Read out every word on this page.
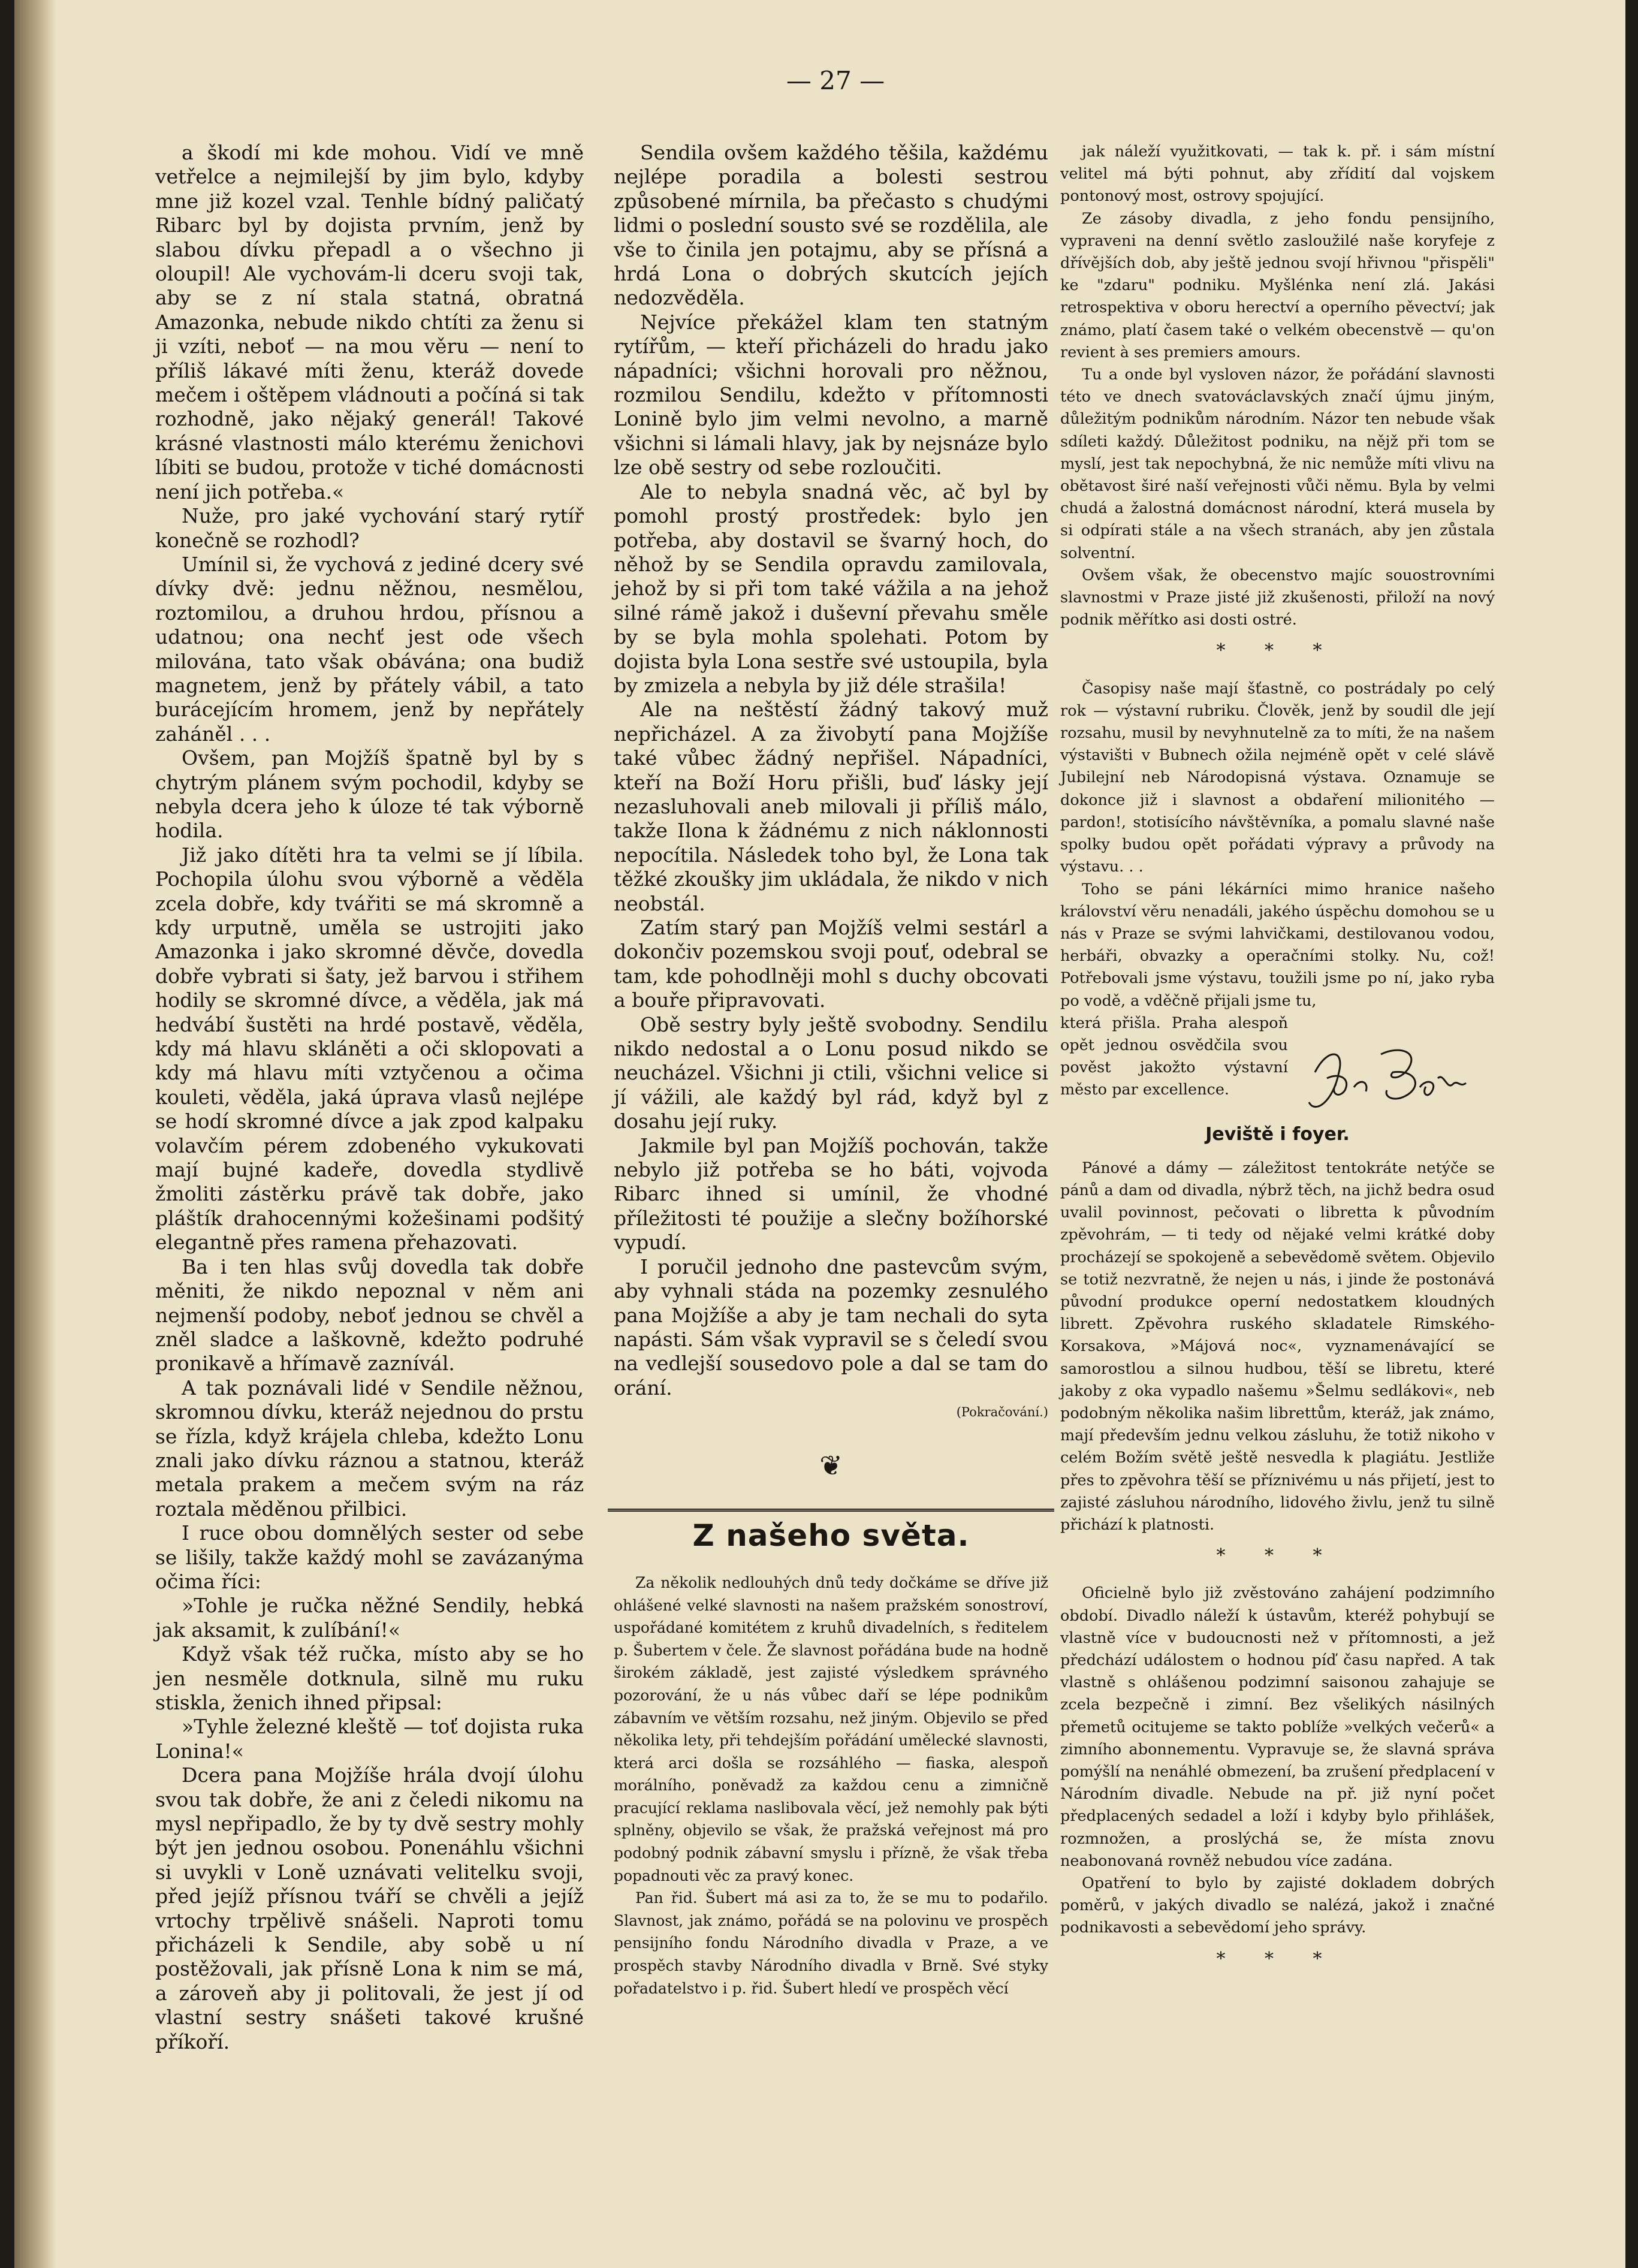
— 27 —

a škodí mi kde mohou. Vidí ve mně vetřelce a nejmilejší by jim bylo, kdyby mne již kozel vzal. Tenhle bídný paličatý Ribarc byl by dojista prvním, jenž by slabou dívku přepadl a o všechno ji oloupil! Ale vychovám-li dceru svoji tak, aby se z ní stala statná, obratná Amazonka, nebude nikdo chtíti za ženu si ji vzíti, neboť — na mou věru — není to příliš lákavé míti ženu, kteráž dovede mečem i oštěpem vládnouti a počíná si tak rozhodně, jako nějaký generál! Takové krásné vlastnosti málo kterému ženichovi líbiti se budou, protože v tiché domácnosti není jich potřeba.«

Nuže, pro jaké vychování starý rytíř konečně se rozhodl?

Umínil si, že vychová z jediné dcery své dívky dvě: jednu něžnou, nesmělou, roztomilou, a druhou hrdou, přísnou a udatnou; ona nechť jest ode všech milována, tato však obávána; ona budiž magnetem, jenž by přátely vábil, a tato burácejícím hromem, jenž by nepřátely zaháněl . . .

Ovšem, pan Mojžíš špatně byl by s chytrým plánem svým pochodil, kdyby se nebyla dcera jeho k úloze té tak výborně hodila.

Již jako dítěti hra ta velmi se jí líbila. Pochopila úlohu svou výborně a věděla zcela dobře, kdy tvářiti se má skromně a kdy urputně, uměla se ustrojiti jako Amazonka i jako skromné děvče, dovedla dobře vybrati si šaty, jež barvou i střihem hodily se skromné dívce, a věděla, jak má hedvábí šustěti na hrdé postavě, věděla, kdy má hlavu skláněti a oči sklopovati a kdy má hlavu míti vztyčenou a očima kouleti, věděla, jaká úprava vlasů nejlépe se hodí skromné dívce a jak zpod kalpaku volavčím pérem zdobeného vykukovati mají bujné kadeře, dovedla stydlivě žmoliti zástěrku právě tak dobře, jako pláštík drahocennými kožešinami podšitý elegantně přes ramena přehazovati.

Ba i ten hlas svůj dovedla tak dobře měniti, že nikdo nepoznal v něm ani nejmenší podoby, neboť jednou se chvěl a zněl sladce a laškovně, kdežto podruhé pronikavě a hřímavě zaznívál.

A tak poznávali lidé v Sendile něžnou, skromnou dívku, kteráž nejednou do prstu se řízla, když krájela chleba, kdežto Lonu znali jako dívku ráznou a statnou, kteráž metala prakem a mečem svým na ráz roztala měděnou přilbici.

I ruce obou domnělých sester od sebe se lišily, takže každý mohl se zavázanýma očima říci:

»Tohle je ručka něžné Sendily, hebká jak aksamit, k zulíbání!«

Když však též ručka, místo aby se ho jen nesměle dotknula, silně mu ruku stiskla, ženich ihned připsal:

»Tyhle železné kleště — toť dojista ruka Lonina!«

Dcera pana Mojžíše hrála dvojí úlohu svou tak dobře, že ani z čeledi nikomu na mysl nepřipadlo, že by ty dvě sestry mohly být jen jednou osobou. Ponenáhlu všichni si uvykli v Loně uznávati velitelku svoji, před jejíž přísnou tváří se chvěli a jejíž vrtochy trpělivě snášeli. Naproti tomu přicházeli k Sendile, aby sobě u ní postěžovali, jak přísně Lona k nim se má, a zároveň aby ji politovali, že jest jí od vlastní sestry snášeti takové krušné příkoří.

Sendila ovšem každého těšila, každému nejlépe poradila a bolesti sestrou způsobené mírnila, ba přečasto s chudými lidmi o poslední sousto své se rozdělila, ale vše to činila jen potajmu, aby se přísná a hrdá Lona o dobrých skutcích jejích nedozvěděla.

Nejvíce překážel klam ten statným rytířům, — kteří přicházeli do hradu jako nápadníci; všichni horovali pro něžnou, rozmilou Sendilu, kdežto v přítomnosti Lonině bylo jim velmi nevolno, a marně všichni si lámali hlavy, jak by nejsnáze bylo lze obě sestry od sebe rozloučiti.

Ale to nebyla snadná věc, ač byl by pomohl prostý prostředek: bylo jen potřeba, aby dostavil se švarný hoch, do něhož by se Sendila opravdu zamilovala, jehož by si při tom také vážila a na jehož silné rámě jakož i duševní převahu směle by se byla mohla spolehati. Potom by dojista byla Lona sestře své ustoupila, byla by zmizela a nebyla by již déle strašila!

Ale na neštěstí žádný takový muž nepřicházel. A za živobytí pana Mojžíše také vůbec žádný nepřišel. Nápadníci, kteří na Boží Horu přišli, buď lásky její nezasluhovali aneb milovali ji příliš málo, takže Ilona k žádnému z nich náklonnosti nepocítila. Následek toho byl, že Lona tak těžké zkoušky jim ukládala, že nikdo v nich neobstál.

Zatím starý pan Mojžíš velmi sestárl a dokončiv pozemskou svoji pouť, odebral se tam, kde pohodlněji mohl s duchy obcovati a bouře připravovati.

Obě sestry byly ještě svobodny. Sendilu nikdo nedostal a o Lonu posud nikdo se neucházel. Všichni ji ctili, všichni velice si jí vážili, ale každý byl rád, když byl z dosahu její ruky.

Jakmile byl pan Mojžíš pochován, takže nebylo již potřeba se ho báti, vojvoda Ribarc ihned si umínil, že vhodné příležitosti té použije a slečny božíhorské vypudí.

I poručil jednoho dne pastevcům svým, aby vyhnali stáda na pozemky zesnulého pana Mojžíše a aby je tam nechali do syta napásti. Sám však vypravil se s čeledí svou na vedlejší sousedovo pole a dal se tam do orání.

(Pokračování.)

❦
Z našeho světa.

Za několik nedlouhých dnů tedy dočkáme se dříve již ohlášené velké slavnosti na našem pražském sonostroví, uspořádané komitétem z kruhů divadelních, s ředitelem p. Šubertem v čele. Že slavnost pořádána bude na hodně širokém základě, jest zajisté výsledkem správného pozorování, že u nás vůbec daří se lépe podnikům zábavním ve větším rozsahu, než jiným. Objevilo se před několika lety, při tehdejším pořádání umělecké slavnosti, která arci došla se rozsáhlého — fiaska, alespoň morálního, poněvadž za každou cenu a zimničně pracující reklama naslibovala věcí, jež nemohly pak býti splněny, objevilo se však, že pražská veřejnost má pro podobný podnik zábavní smyslu i přízně, že však třeba popadnouti věc za pravý konec.

Pan řid. Šubert má asi za to, že se mu to podařilo. Slavnost, jak známo, pořádá se na polovinu ve prospěch pensijního fondu Národního divadla v Praze, a ve prospěch stavby Národního divadla v Brně. Své styky pořadatelstvo i p. řid. Šubert hledí ve prospěch věcí

jak náleží využitkovati, — tak k. př. i sám místní velitel má býti pohnut, aby zřídití dal vojskem pontonový most, ostrovy spojující.

Ze zásoby divadla, z jeho fondu pensijního, vypraveni na denní světlo zasloužilé naše koryfeje z dřívějších dob, aby ještě jednou svojí hřivnou "přispěli" ke "zdaru" podniku. Myšlénka není zlá. Jakási retrospektiva v oboru herectví a operního pěvectví; jak známo, platí časem také o velkém obecenstvě — qu'on revient à ses premiers amours.

Tu a onde byl vysloven názor, že pořádání slavnosti této ve dnech svatováclavských značí újmu jiným, důležitým podnikům národním. Názor ten nebude však sdíleti každý. Důležitost podniku, na nějž při tom se myslí, jest tak nepochybná, že nic nemůže míti vlivu na obětavost širé naší veřejnosti vůči němu. Byla by velmi chudá a žalostná domácnost národní, která musela by si odpírati stále a na všech stranách, aby jen zůstala solventní.

Ovšem však, že obecenstvo majíc souostrovními slavnostmi v Praze jisté již zkušenosti, přiloží na nový podnik měřítko asi dosti ostré.

* * *

Časopisy naše mají šťastně, co postrádaly po celý rok — výstavní rubriku. Člověk, jenž by soudil dle její rozsahu, musil by nevyhnutelně za to míti, že na našem výstavišti v Bubnech ožila nejméně opět v celé slávě Jubilejní neb Národopisná výstava. Oznamuje se dokonce již i slavnost a obdaření milionitého — pardon!, stotisícího návštěvníka, a pomalu slavné naše spolky budou opět pořádati výpravy a průvody na výstavu. . .

Toho se páni lékárníci mimo hranice našeho království věru nenadáli, jakého úspěchu domohou se u nás v Praze se svými lahvičkami, destilovanou vodou, herbáři, obvazky a operačními stolky. Nu, což! Potřebovali jsme výstavu, toužili jsme po ní, jako ryba po vodě, a vděčně přijali jsme tu,

která přišla. Praha alespoň opět jednou osvědčila svou pověst jakožto výstavní město par excellence.

Jeviště i foyer.

Pánové a dámy — záležitost tentokráte netýče se pánů a dam od divadla, nýbrž těch, na jichž bedra osud uvalil povinnost, pečovati o libretta k původním zpěvohrám, — ti tedy od nějaké velmi krátké doby procházejí se spokojeně a sebevědomě světem. Objevilo se totiž nezvratně, že nejen u nás, i jinde že postonává původní produkce operní nedostatkem kloudných librett. Zpěvohra ruského skladatele Rimského-Korsakova, »Májová noc«, vyznamenávající se samorostlou a silnou hudbou, těší se libretu, které jakoby z oka vypadlo našemu »Šelmu sedlákovi«, neb podobným několika našim librettům, kteráž, jak známo, mají především jednu velkou zásluhu, že totiž nikoho v celém Božím světě ještě nesvedla k plagiátu. Jestliže přes to zpěvohra těší se příznivému u nás přijetí, jest to zajisté zásluhou národního, lidového živlu, jenž tu silně přichází k platnosti.

* * *

Oficielně bylo již zvěstováno zahájení podzimního období. Divadlo náleží k ústavům, kteréž pohybují se vlastně více v budoucnosti než v přítomnosti, a jež předchází událostem o hodnou píď času napřed. A tak vlastně s ohlášenou podzimní saisonou zahajuje se zcela bezpečně i zimní. Bez všelikých násilných přemetů ocitujeme se takto poblíže »velkých večerů« a zimního abonnementu. Vypravuje se, že slavná správa pomýšlí na nenáhlé obmezení, ba zrušení předplacení v Národním divadle. Nebude na př. již nyní počet předplacených sedadel a loží i kdyby bylo přihlášek, rozmnožen, a proslýchá se, že místa znovu neabonovaná rovněž nebudou více zadána.

Opatření to bylo by zajisté dokladem dobrých poměrů, v jakých divadlo se nalézá, jakož i značné podnikavosti a sebevědomí jeho správy.

* * *
